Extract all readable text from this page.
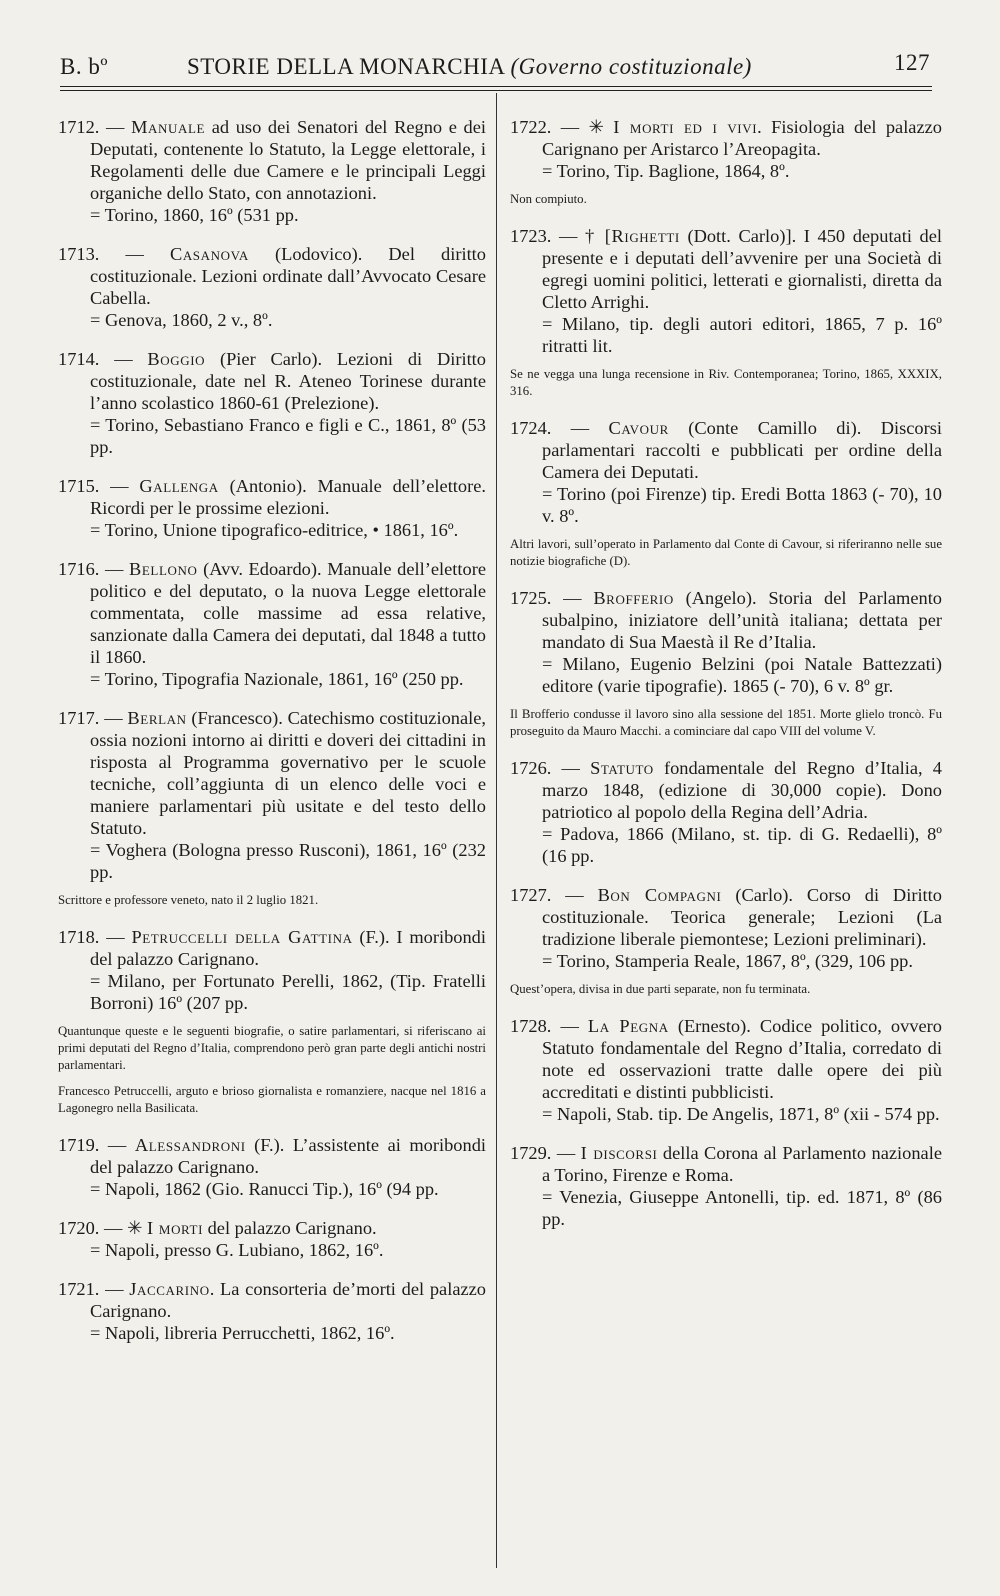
B. bº	STORIE DELLA MONARCHIA (Governo costituzionale)	127
1712. — Manuale ad uso dei Senatori del Regno e dei Deputati, contenente lo Statuto, la Legge elettorale, i Regolamenti delle due Camere e le principali Leggi organiche dello Stato, con annotazioni.
= Torino, 1860, 16º (531 pp.
1713. — Casanova (Lodovico). Del diritto costituzionale. Lezioni ordinate dall’Avvocato Cesare Cabella.
= Genova, 1860, 2 v., 8º.
1714. — Boggio (Pier Carlo). Lezioni di Diritto costituzionale, date nel R. Ateneo Torinese durante l’anno scolastico 1860-61 (Prelezione).
= Torino, Sebastiano Franco e figli e C., 1861, 8º (53 pp.
1715. — Gallenga (Antonio). Manuale dell’elettore. Ricordi per le prossime elezioni.
= Torino, Unione tipografico-editrice, • 1861, 16º.
1716. — Bellono (Avv. Edoardo). Manuale dell’elettore politico e del deputato, o la nuova Legge elettorale commentata, colle massime ad essa relative, sanzionate dalla Camera dei deputati, dal 1848 a tutto il 1860.
= Torino, Tipografia Nazionale, 1861, 16º (250 pp.
1717. — Berlan (Francesco). Catechismo costituzionale, ossia nozioni intorno ai diritti e doveri dei cittadini in risposta al Programma governativo per le scuole tecniche, coll’aggiunta di un elenco delle voci e maniere parlamentari più usitate e del testo dello Statuto.
= Voghera (Bologna presso Rusconi), 1861, 16º (232 pp.
Scrittore e professore veneto, nato il 2 luglio 1821.
1718. — Petruccelli della Gattina (F.). I moribondi del palazzo Carignano.
= Milano, per Fortunato Perelli, 1862, (Tip. Fratelli Borroni) 16º (207 pp.
Quantunque queste e le seguenti biografie, o satire parlamentari, si riferiscano ai primi deputati del Regno d’Italia, comprendono però gran parte degli antichi nostri parlamentari.
Francesco Petruccelli, arguto e brioso giornalista e romanziere, nacque nel 1816 a Lagonegro nella Basilicata.
1719. — Alessandroni (F.). L’assistente ai moribondi del palazzo Carignano.
= Napoli, 1862 (Gio. Ranucci Tip.), 16º (94 pp.
1720. — ✳ I morti del palazzo Carignano.
= Napoli, presso G. Lubiano, 1862, 16º.
1721. — Jaccarino. La consorteria de’morti del palazzo Carignano.
= Napoli, libreria Perrucchetti, 1862, 16º.
1722. — ✳ I morti ed i vivi. Fisiologia del palazzo Carignano per Aristarco l’Areopagita.
= Torino, Tip. Baglione, 1864, 8º.
Non compiuto.
1723. — † [Righetti (Dott. Carlo)]. I 450 deputati del presente e i deputati dell’avvenire per una Società di egregi uomini politici, letterati e giornalisti, diretta da Cletto Arrighi.
= Milano, tip. degli autori editori, 1865, 7 p. 16º ritratti lit.
Se ne vegga una lunga recensione in Riv. Contemporanea; Torino, 1865, XXXIX, 316.
1724. — Cavour (Conte Camillo di). Discorsi parlamentari raccolti e pubblicati per ordine della Camera dei Deputati.
= Torino (poi Firenze) tip. Eredi Botta 1863 (- 70), 10 v. 8º.
Altri lavori, sull’operato in Parlamento dal Conte di Cavour, si riferiranno nelle sue notizie biografiche (D).
1725. — Brofferio (Angelo). Storia del Parlamento subalpino, iniziatore dell’unità italiana; dettata per mandato di Sua Maestà il Re d’Italia.
= Milano, Eugenio Belzini (poi Natale Battezzati) editore (varie tipografie). 1865 (- 70), 6 v. 8º gr.
Il Brofferio condusse il lavoro sino alla sessione del 1851. Morte glielo troncò. Fu proseguito da Mauro Macchi. a cominciare dal capo VIII del volume V.
1726. — Statuto fondamentale del Regno d’Italia, 4 marzo 1848, (edizione di 30,000 copie). Dono patriotico al popolo della Regina dell’Adria.
= Padova, 1866 (Milano, st. tip. di G. Redaelli), 8º (16 pp.
1727. — Bon Compagni (Carlo). Corso di Diritto costituzionale. Teorica generale; Lezioni (La tradizione liberale piemontese; Lezioni preliminari).
= Torino, Stamperia Reale, 1867, 8º, (329, 106 pp.
Quest’opera, divisa in due parti separate, non fu terminata.
1728. — La Pegna (Ernesto). Codice politico, ovvero Statuto fondamentale del Regno d’Italia, corredato di note ed osservazioni tratte dalle opere dei più accreditati e distinti pubblicisti.
= Napoli, Stab. tip. De Angelis, 1871, 8º (xii - 574 pp.
1729. — I discorsi della Corona al Parlamento nazionale a Torino, Firenze e Roma.
= Venezia, Giuseppe Antonelli, tip. ed. 1871, 8º (86 pp.
